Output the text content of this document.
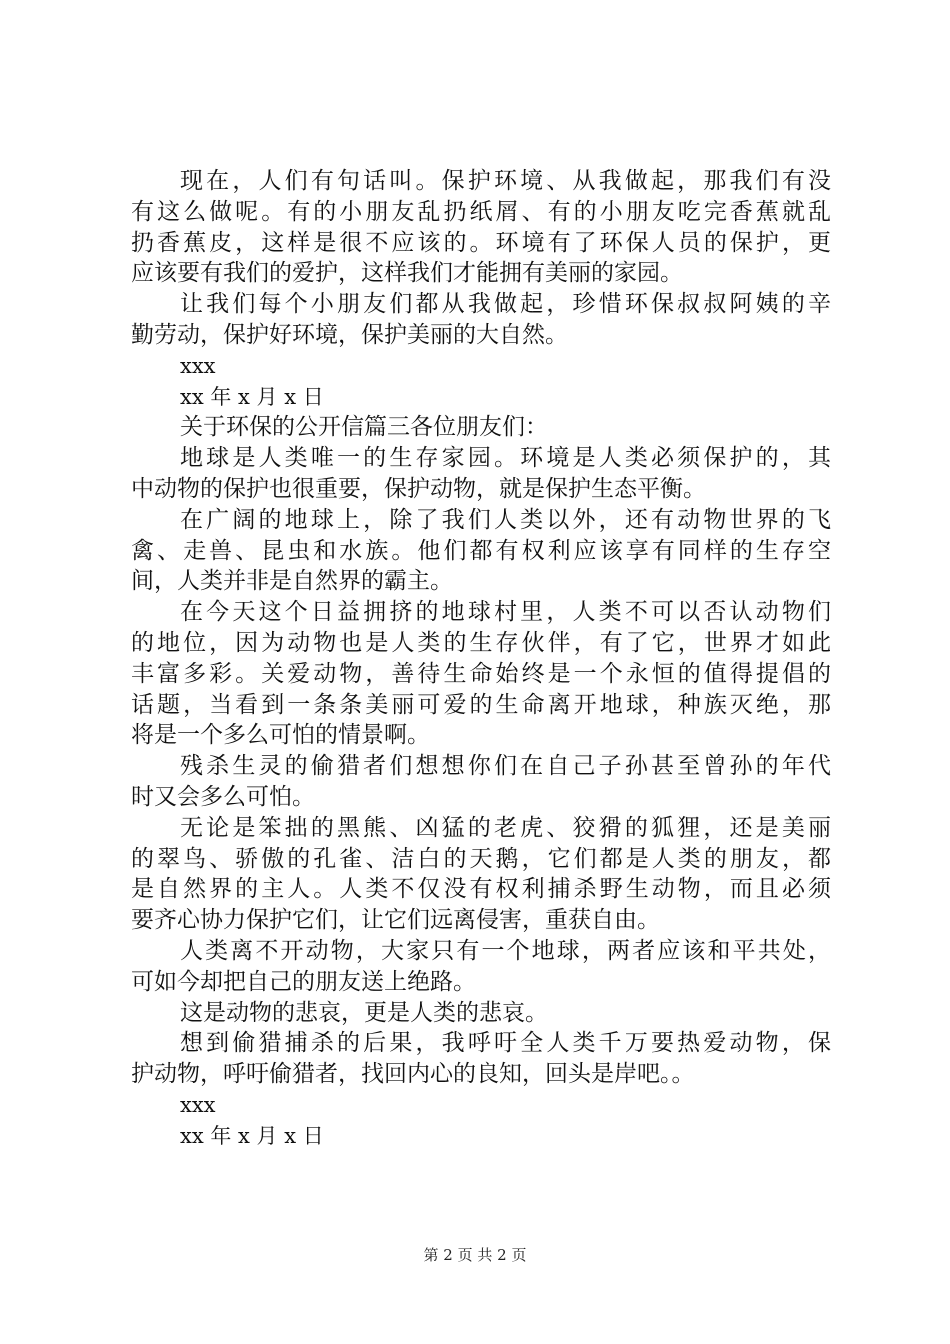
现在，人们有句话叫。保护环境、从我做起，那我们有没
有这么做呢。有的小朋友乱扔纸屑、有的小朋友吃完香蕉就乱
扔香蕉皮，这样是很不应该的。环境有了环保人员的保护，更
应该要有我们的爱护，这样我们才能拥有美丽的家园。
让我们每个小朋友们都从我做起，珍惜环保叔叔阿姨的辛
勤劳动，保护好环境，保护美丽的大自然。
xxx
xx 年 x 月 x 日
关于环保的公开信篇三各位朋友们：
地球是人类唯一的生存家园。环境是人类必须保护的，其
中动物的保护也很重要，保护动物，就是保护生态平衡。
在广阔的地球上，除了我们人类以外，还有动物世界的飞
禽、走兽、昆虫和水族。他们都有权利应该享有同样的生存空
间，人类并非是自然界的霸主。
在今天这个日益拥挤的地球村里，人类不可以否认动物们
的地位，因为动物也是人类的生存伙伴，有了它，世界才如此
丰富多彩。关爱动物，善待生命始终是一个永恒的值得提倡的
话题，当看到一条条美丽可爱的生命离开地球，种族灭绝，那
将是一个多么可怕的情景啊。
残杀生灵的偷猎者们想想你们在自己子孙甚至曾孙的年代
时又会多么可怕。
无论是笨拙的黑熊、凶猛的老虎、狡猾的狐狸，还是美丽
的翠鸟、骄傲的孔雀、洁白的天鹅，它们都是人类的朋友，都
是自然界的主人。人类不仅没有权利捕杀野生动物，而且必须
要齐心协力保护它们，让它们远离侵害，重获自由。
人类离不开动物，大家只有一个地球，两者应该和平共处，
可如今却把自己的朋友送上绝路。
这是动物的悲哀，更是人类的悲哀。
想到偷猎捕杀的后果，我呼吁全人类千万要热爱动物，保
护动物，呼吁偷猎者，找回内心的良知，回头是岸吧。。
xxx
xx 年 x 月 x 日
第 2 页 共 2 页
